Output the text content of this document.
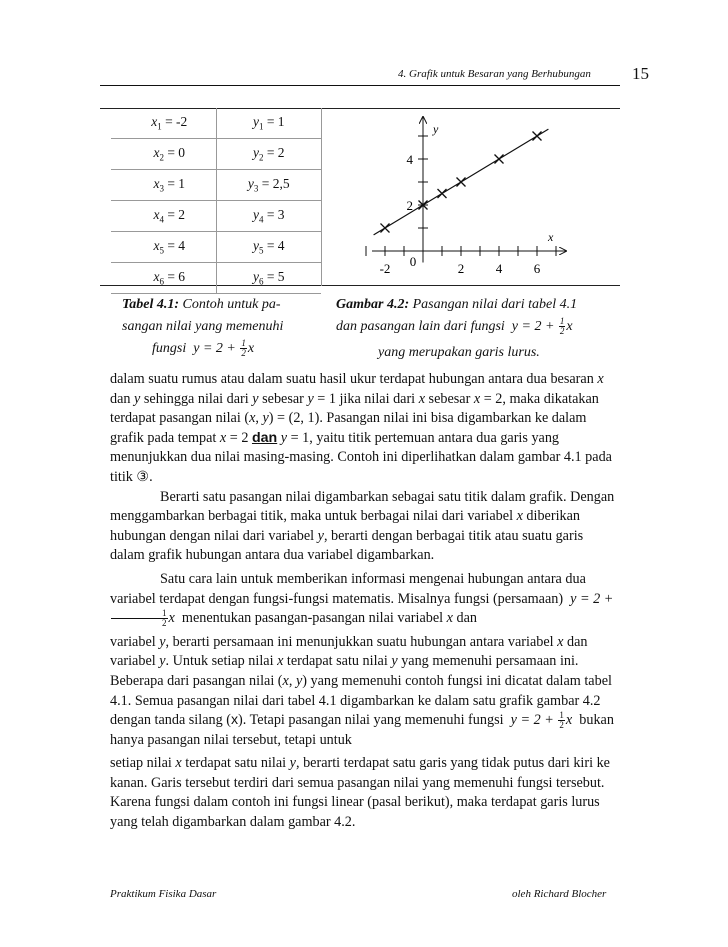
4. Grafik untuk Besaran yang Berhubungan 15
$x_1 = -2$	$y_1 = 1$
$x_2 = 0$	$y_2 = 2$
$x_3 = 1$	$y_3 = 2,5$
$x_4 = 2$	$y_4 = 3$
$x_5 = 4$	$y_5 = 4$
$x_6 = 6$	$y_6 = 5$
-2 0	2 4 6
2
4
x
y
Tabel 4.1: Contoh untuk pa-
sangan nilai yang memenuhi
fungsi $y = 2 + \frac{1}{2}$ x
Gambar 4.2: Pasangan nilai dari tabel 4.1
dan pasangan lain dari fungsi $y = 2 + \frac{1}{2}$ x
yang merupakan garis lurus.

dalam suatu rumus atau dalam suatu hasil ukur terdapat hubungan antara dua besaran x dan y sehingga nilai dari y sebesar y = 1 jika nilai dari x sebesar x = 2, maka dikatakan terdapat pasangan nilai (x, y) = (2, 1). Pasangan nilai ini bisa digambarkan ke dalam grafik pada tempat x = 2 dan y = 1, yaitu titik pertemuan antara dua garis yang menunjukkan dua nilai masing-masing. Contoh ini diperlihatkan dalam gambar 4.1 pada titik ③.

Berarti satu pasangan nilai digambarkan sebagai satu titik dalam grafik. Dengan menggambarkan berbagai titik, maka untuk berbagai nilai dari variabel x diberikan hubungan dengan nilai dari variabel y, berarti dengan berbagai titik atau suatu garis dalam grafik hubungan antara dua variabel digambarkan.

Satu cara lain untuk memberikan informasi mengenai hubungan antara dua variabel terdapat dengan fungsi-fungsi matematis. Misalnya fungsi (persamaan) y = 2 +
$\frac{1}{2}$ x  menentukan pasangan-pasangan nilai variabel x dan

variabel y, berarti persamaan ini menunjukkan suatu hubungan antara variabel x dan variabel y. Untuk setiap nilai x terdapat satu nilai y yang memenuhi persamaan ini. Beberapa dari pasangan nilai (x, y) yang memenuhi contoh fungsi ini dicatat dalam tabel 4.1. Semua pasangan nilai dari tabel 4.1 digambarkan ke dalam satu grafik gambar 4.2 dengan tanda silang (x). Tetapi pasangan nilai yang memenuhi fungsi $y = 2 + \frac{1}{2}$ x  bukan hanya pasangan nilai tersebut, tetapi untuk

setiap nilai x terdapat satu nilai y, berarti terdapat satu garis yang tidak putus dari kiri ke kanan. Garis tersebut terdiri dari semua pasangan nilai yang memenuhi fungsi tersebut. Karena fungsi dalam contoh ini fungsi linear (pasal berikut), maka terdapat garis lurus yang telah digambarkan dalam gambar 4.2.

Praktikum Fisika Dasar	oleh Richard Blocher
